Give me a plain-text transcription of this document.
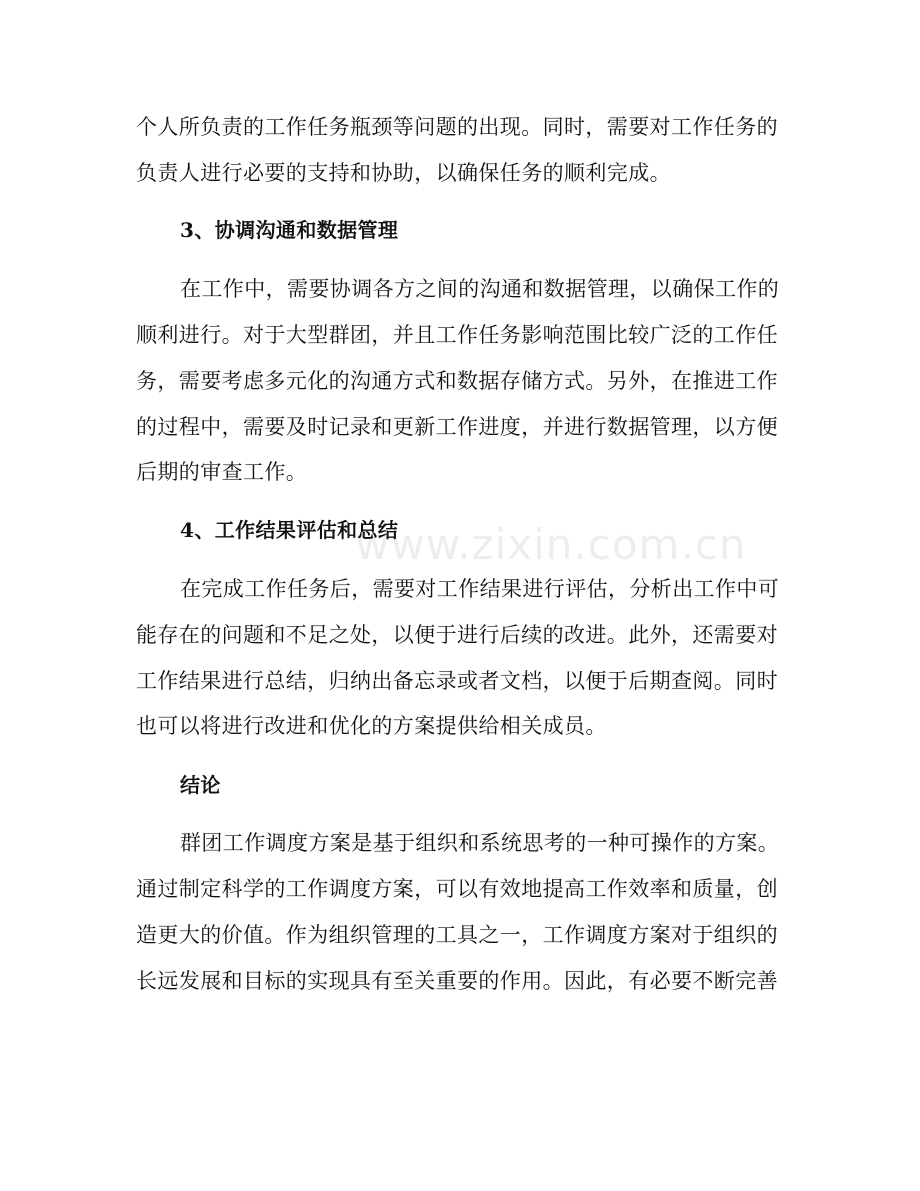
www.zixin.com.cn
个人所负责的工作任务瓶颈等问题的出现。同时，需要对工作任务的
负责人进行必要的支持和协助，以确保任务的顺利完成。
3、协调沟通和数据管理
在工作中，需要协调各方之间的沟通和数据管理，以确保工作的
顺利进行。对于大型群团，并且工作任务影响范围比较广泛的工作任
务，需要考虑多元化的沟通方式和数据存储方式。另外，在推进工作
的过程中，需要及时记录和更新工作进度，并进行数据管理，以方便
后期的审查工作。
4、工作结果评估和总结
在完成工作任务后，需要对工作结果进行评估，分析出工作中可
能存在的问题和不足之处，以便于进行后续的改进。此外，还需要对
工作结果进行总结，归纳出备忘录或者文档，以便于后期查阅。同时
也可以将进行改进和优化的方案提供给相关成员。
结论
群团工作调度方案是基于组织和系统思考的一种可操作的方案。
通过制定科学的工作调度方案，可以有效地提高工作效率和质量，创
造更大的价值。作为组织管理的工具之一，工作调度方案对于组织的
长远发展和目标的实现具有至关重要的作用。因此，有必要不断完善
